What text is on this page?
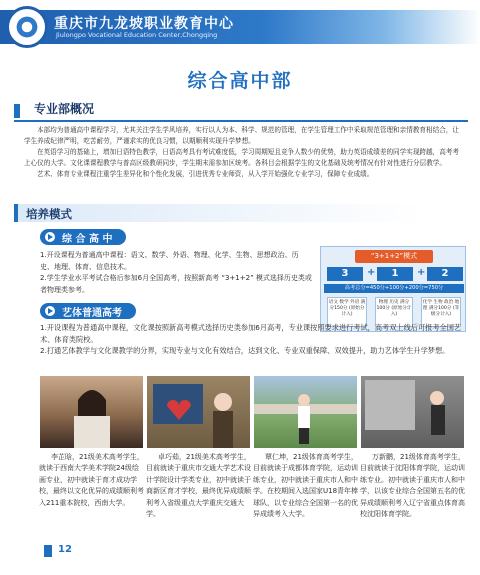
重庆市九龙坡职业教育中心
Jiulongpo Vocational Education Center,Chongqing
综合高中部
专业部概况

本部均为普通高中课程学习，尤其关注学生学风培养，实行以人为本、科学、规范的管理，在学生管理工作中采取规范管理和亲情教育相结合，让学生养成纪律严明，吃苦耐劳，严谨求实的优良习惯，以期顺利实现升学梦想。

在英语学习的基础上，增加日语特色教学，日语高考具有考试难度低，学习周期短且竞争人数少的优势，助力英语成绩差的同学实现跨越，高考考上心仪的大学。文化课课程教学与普高区级教研同步，学生期末需参加区统考。各科目会根据学生的文化基础及统考情况有针对性进行分层教学。

艺术、体育专业课程注重学生差异化和个性化发展，引进优秀专业师资，从入学开始强化专业学习，保障专业成绩。

培养模式
综 合 高 中
1.开设课程为普通高中课程：语文、数学、外语、物理、化学、生物、思想政治、历史、地理、体育、信息技术。
2.学生学业水平考试合格后参加6月全国高考，按照新高考 “3+1+2” 模式选择历史类或者物理类参考。
“3+1+2”模式
3	+	1	+	2
高考总分=450分+100分+200分=750分
语文 数学 外语 满分150分 (原始分计入)
物理 历史 满分100分 (原始分计入)
化学 生物 政治 地理 满分100分 (等级分计入)
艺体普通高考
1.开设课程为普通高中课程，文化课按照新高考模式选择历史类参加6月高考，专业课按照要求进行考试，高考双上线后可报考全国艺术、体育类院校。
2.打通艺体教学与文化课教学的分界，实现专业与文化有效结合，达到文化、专业双重保障、双效提升，助力艺体学生升学梦想。
李芷晗，21级美术高考学生，就读于西南大学美术学院24级绘画专业，初中就读于育才成功学校，最终以文化优异的成绩顺利考入211重本院校，西南大学。
卓巧茹，21级美术高考学生，目前就读于重庆市交通大学艺术设计学院设计学类专业，初中就读于商新区育才学校，最终优异成绩顺利考入省级重点大学重庆交通大学。
覃仁坤，21级体育高考学生，目前就读于成都体育学院，运动训练专业，初中就读于重庆市人和中学。在校期间入选国家U18青年棒球队，以专业综合全国第一名的优异成绩考入大学。
万新鹏，21级体育高考学生，目前就读于沈阳体育学院，运动训练专业。初中就读于重庆市人和中学，以该专业综合全国第五名的优异成绩顺利考入辽宁省重点体育高校沈阳体育学院。
12
